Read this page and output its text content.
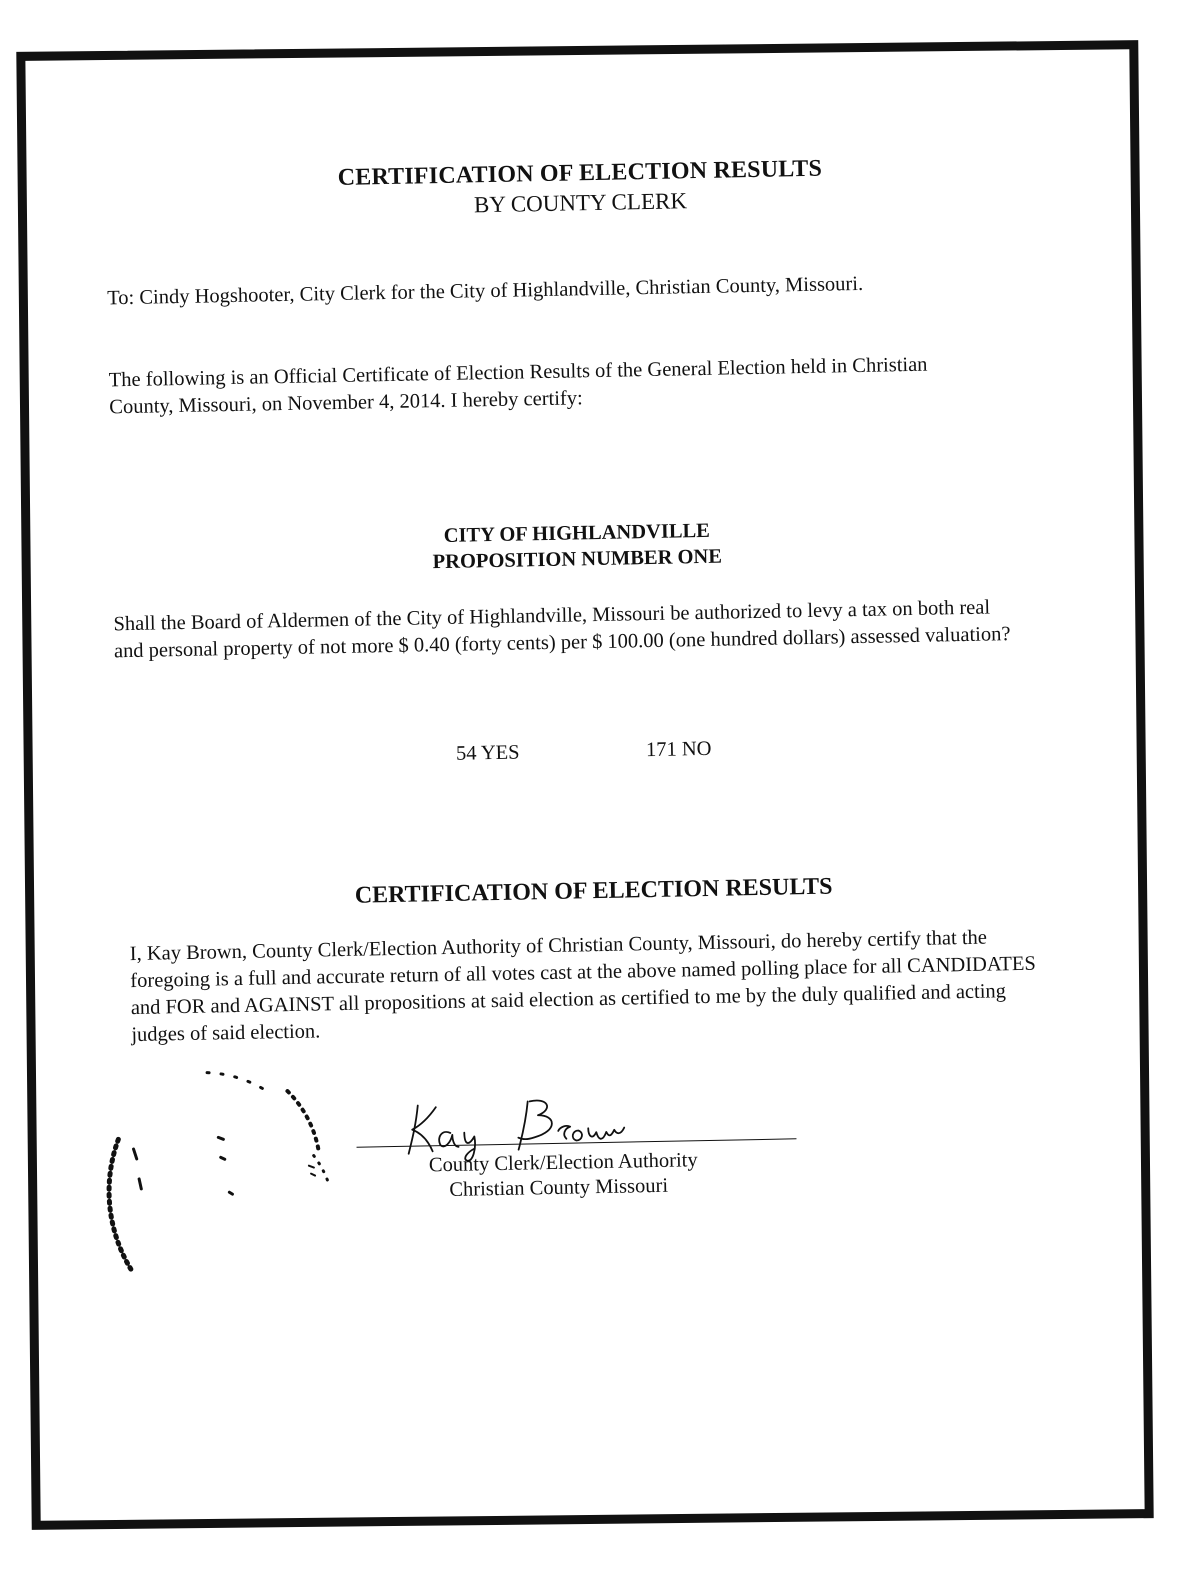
CERTIFICATION OF ELECTION RESULTS
BY COUNTY CLERK
To: Cindy Hogshooter, City Clerk for the City of Highlandville, Christian County, Missouri.
The following is an Official Certificate of Election Results of the General Election held in Christian County, Missouri, on November 4, 2014. I hereby certify:
CITY OF HIGHLANDVILLE
PROPOSITION NUMBER ONE
Shall the Board of Aldermen of the City of Highlandville, Missouri be authorized to levy a tax on both real and personal property of not more $ 0.40 (forty cents) per $ 100.00 (one hundred dollars) assessed valuation?
54 YES	171 NO
CERTIFICATION OF ELECTION RESULTS
I, Kay Brown, County Clerk/Election Authority of Christian County, Missouri, do hereby certify that the foregoing is a full and accurate return of all votes cast at the above named polling place for all CANDIDATES and FOR and AGAINST all propositions at said election as certified to me by the duly qualified and acting judges of said election.
County Clerk/Election Authority
Christian County Missouri
